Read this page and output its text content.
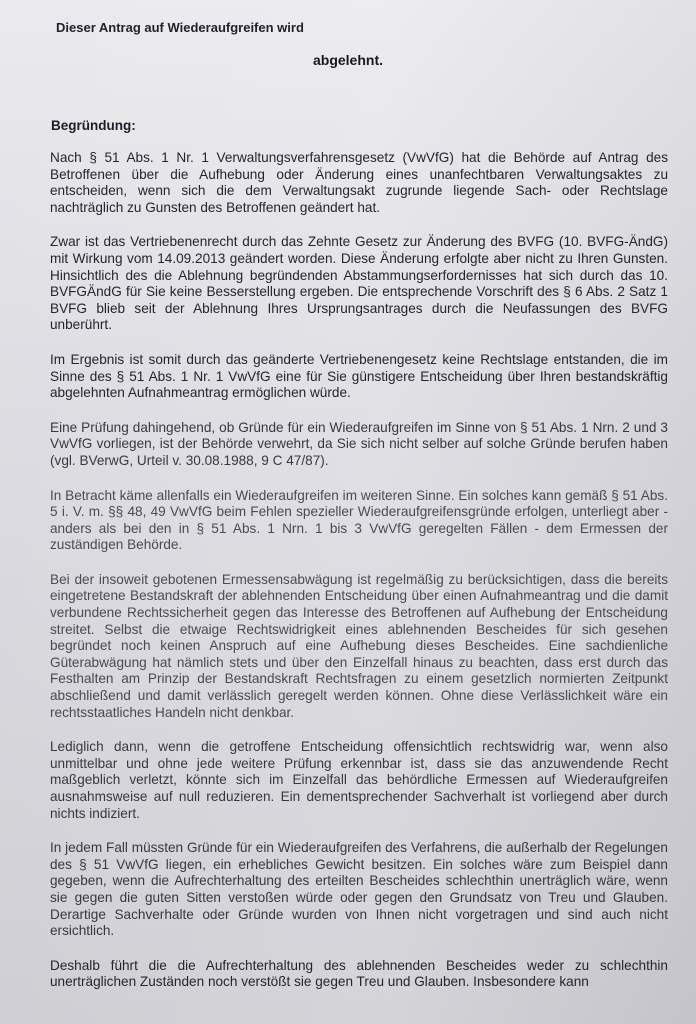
Dieser Antrag auf Wiederaufgreifen wird
abgelehnt.
Begründung:

Nach § 51 Abs. 1 Nr. 1 Verwaltungsverfahrensgesetz (VwVfG) hat die Behörde auf Antrag des Betroffenen über die Aufhebung oder Änderung eines unanfechtbaren Verwaltungsaktes zu entscheiden, wenn sich die dem Verwaltungsakt zugrunde liegende Sach- oder Rechtslage nachträglich zu Gunsten des Betroffenen geändert hat.

Zwar ist das Vertriebenenrecht durch das Zehnte Gesetz zur Änderung des BVFG (10. BVFG-ÄndG) mit Wirkung vom 14.09.2013 geändert worden. Diese Änderung erfolgte aber nicht zu Ihren Gunsten. Hinsichtlich des die Ablehnung begründenden Abstammungserfordernisses hat sich durch das 10. BVFGÄndG für Sie keine Besserstellung ergeben. Die entsprechende Vorschrift des § 6 Abs. 2 Satz 1 BVFG blieb seit der Ablehnung Ihres Ursprungsantrages durch die Neufassungen des BVFG unberührt.

Im Ergebnis ist somit durch das geänderte Vertriebenengesetz keine Rechtslage entstanden, die im Sinne des § 51 Abs. 1 Nr. 1 VwVfG eine für Sie günstigere Entscheidung über Ihren bestandskräftig abgelehnten Aufnahmeantrag ermöglichen würde.

Eine Prüfung dahingehend, ob Gründe für ein Wiederaufgreifen im Sinne von § 51 Abs. 1 Nrn. 2 und 3 VwVfG vorliegen, ist der Behörde verwehrt, da Sie sich nicht selber auf solche Gründe berufen haben (vgl. BVerwG, Urteil v. 30.08.1988, 9 C 47/87).

In Betracht käme allenfalls ein Wiederaufgreifen im weiteren Sinne. Ein solches kann gemäß § 51 Abs. 5 i. V. m. §§ 48, 49 VwVfG beim Fehlen spezieller Wiederaufgreifensgründe erfolgen, unterliegt aber - anders als bei den in § 51 Abs. 1 Nrn. 1 bis 3 VwVfG geregelten Fällen - dem Ermessen der zuständigen Behörde.

Bei der insoweit gebotenen Ermessensabwägung ist regelmäßig zu berücksichtigen, dass die bereits eingetretene Bestandskraft der ablehnenden Entscheidung über einen Aufnahmeantrag und die damit verbundene Rechtssicherheit gegen das Interesse des Betroffenen auf Aufhebung der Entscheidung streitet. Selbst die etwaige Rechtswidrigkeit eines ablehnenden Bescheides für sich gesehen begründet noch keinen Anspruch auf eine Aufhebung dieses Bescheides. Eine sachdienliche Güterabwägung hat nämlich stets und über den Einzelfall hinaus zu beachten, dass erst durch das Festhalten am Prinzip der Bestandskraft Rechtsfragen zu einem gesetzlich normierten Zeitpunkt abschließend und damit verlässlich geregelt werden können. Ohne diese Verlässlichkeit wäre ein rechtsstaatliches Handeln nicht denkbar.

Lediglich dann, wenn die getroffene Entscheidung offensichtlich rechtswidrig war, wenn also unmittelbar und ohne jede weitere Prüfung erkennbar ist, dass sie das anzuwendende Recht maßgeblich verletzt, könnte sich im Einzelfall das behördliche Ermessen auf Wiederaufgreifen ausnahmsweise auf null reduzieren. Ein dementsprechender Sachverhalt ist vorliegend aber durch nichts indiziert.

In jedem Fall müssten Gründe für ein Wiederaufgreifen des Verfahrens, die außerhalb der Regelungen des § 51 VwVfG liegen, ein erhebliches Gewicht besitzen. Ein solches wäre zum Beispiel dann gegeben, wenn die Aufrechterhaltung des erteilten Bescheides schlechthin unerträglich wäre, wenn sie gegen die guten Sitten verstoßen würde oder gegen den Grundsatz von Treu und Glauben. Derartige Sachverhalte oder Gründe wurden von Ihnen nicht vorgetragen und sind auch nicht ersichtlich.

Deshalb führt die die Aufrechterhaltung des ablehnenden Bescheides weder zu schlechthin unerträglichen Zuständen noch verstößt sie gegen Treu und Glauben. Insbesondere kann
